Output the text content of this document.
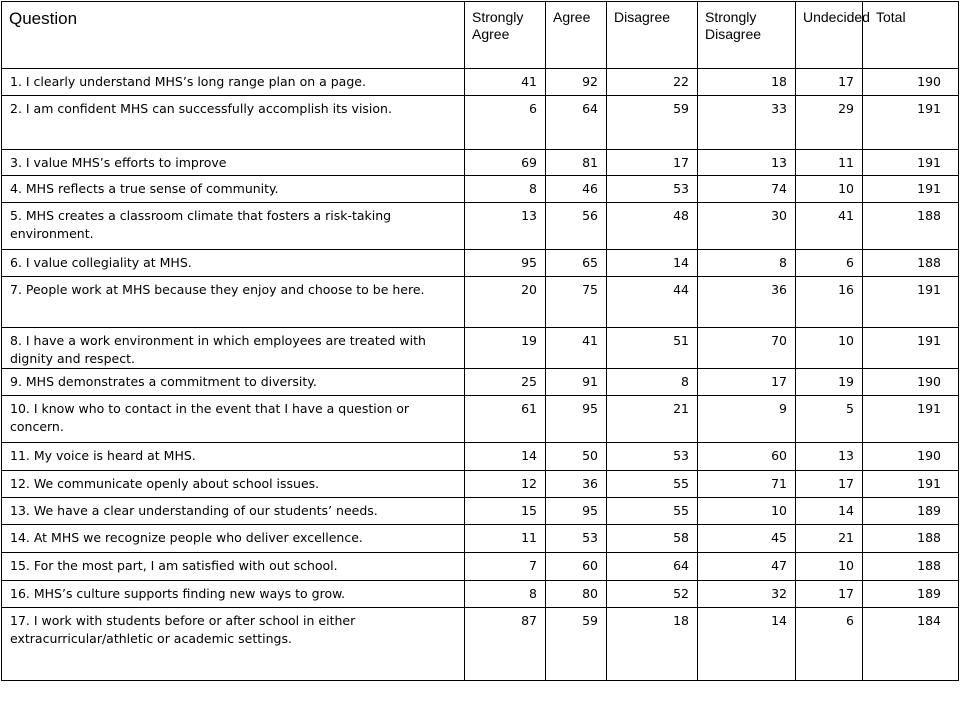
Question	Strongly Agree	Agree	Disagree	Strongly Disagree	Undecided	Total
1. I clearly understand MHS’s long range plan on a page.	41	92	22	18	17	190
2. I am confident MHS can successfully accomplish its vision.	6	64	59	33	29	191
3. I value MHS’s efforts to improve	69	81	17	13	11	191
4. MHS reflects a true sense of community.	8	46	53	74	10	191
5. MHS creates a classroom climate that fosters a risk-taking environment.	13	56	48	30	41	188
6. I value collegiality at MHS.	95	65	14	8	6	188
7. People work at MHS because they enjoy and choose to be here.	20	75	44	36	16	191
8. I have a work environment in which employees are treated with dignity and respect.	19	41	51	70	10	191
9. MHS demonstrates a commitment to diversity.	25	91	8	17	19	190
10. I know who to contact in the event that I have a question or concern.	61	95	21	9	5	191
11. My voice is heard at MHS.	14	50	53	60	13	190
12. We communicate openly about school issues.	12	36	55	71	17	191
13. We have a clear understanding of our students’ needs.	15	95	55	10	14	189
14. At MHS we recognize people who deliver excellence.	11	53	58	45	21	188
15. For the most part, I am satisfied with out school.	7	60	64	47	10	188
16. MHS’s culture supports finding new ways to grow.	8	80	52	32	17	189
17. I work with students before or after school in either extracurricular/athletic or academic settings.	87	59	18	14	6	184
